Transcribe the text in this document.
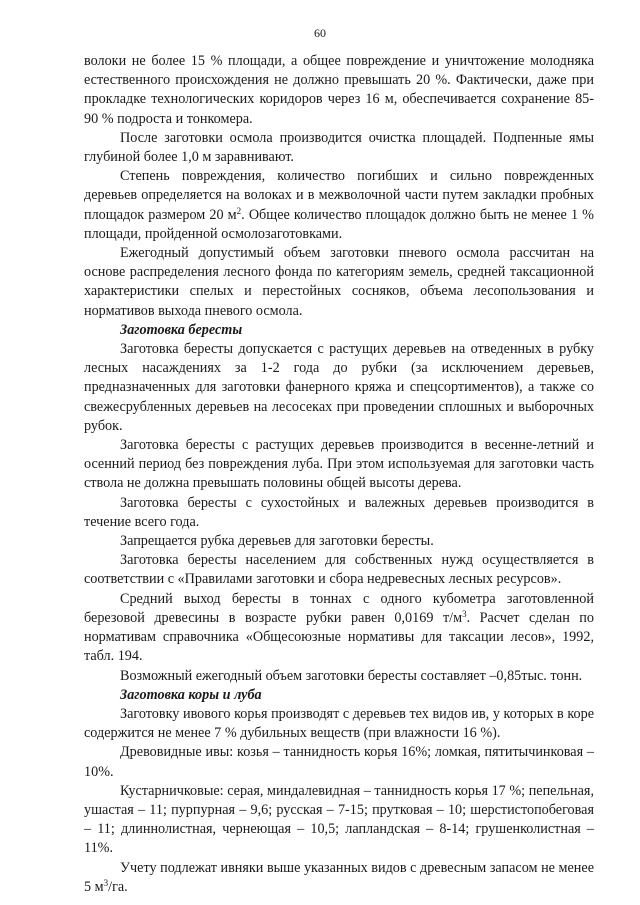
60

волоки не более 15 % площади, а общее повреждение и уничтожение молодняка естественного происхождения не должно превышать 20 %. Фактически, даже при прокладке технологических коридоров через 16 м, обеспечивается сохранение 85-90 % подроста и тонкомера.

После заготовки осмола производится очистка площадей. Подпенные ямы глубиной более 1,0 м заравнивают.

Степень повреждения, количество погибших и сильно поврежденных деревьев определяется на волоках и в межволочной части путем закладки пробных площадок размером 20 $м^2$. Общее количество площадок должно быть не менее 1 % площади, пройденной осмолозаготовками.

Ежегодный допустимый объем заготовки пневого осмола рассчитан на основе распределения лесного фонда по категориям земель, средней таксационной характеристики спелых и перестойных сосняков, объема лесопользования и нормативов выхода пневого осмола.

Заготовка бересты

Заготовка бересты допускается с растущих деревьев на отведенных в рубку лесных насаждениях за 1-2 года до рубки (за исключением деревьев, предназначенных для заготовки фанерного кряжа и спецсортиментов), а также со свежесрубленных деревьев на лесосеках при проведении сплошных и выборочных рубок.

Заготовка бересты с растущих деревьев производится в весенне-летний и осенний период без повреждения луба. При этом используемая для заготовки часть ствола не должна превышать половины общей высоты дерева.

Заготовка бересты с сухостойных и валежных деревьев производится в течение всего года.

Запрещается рубка деревьев для заготовки бересты.

Заготовка бересты населением для собственных нужд осуществляется в соответствии с «Правилами заготовки и сбора недревесных лесных ресурсов».

Средний выход бересты в тоннах с одного кубометра заготовленной березовой древесины в возрасте рубки равен 0,0169 $т/м^3$. Расчет сделан по нормативам справочника «Общесоюзные нормативы для таксации лесов», 1992, табл. 194.

Возможный ежегодный объем заготовки бересты составляет –0,85тыс. тонн.

Заготовка коры и луба

Заготовку ивового корья производят с деревьев тех видов ив, у которых в коре содержится не менее 7 % дубильных веществ (при влажности 16 %).

Древовидные ивы: козья – таннидность корья 16%; ломкая, пятитычинковая – 10%.

Кустарничковые: серая, миндалевидная – таннидность корья 17 %; пепельная, ушастая – 11; пурпурная – 9,6; русская – 7-15; прутковая – 10; шерстистопобеговая – 11; длиннолистная, чернеющая – 10,5; лапландская – 8-14; грушенколистная – 11%.

Учету подлежат ивняки выше указанных видов с древесным запасом не менее 5 $м^3/га$.
